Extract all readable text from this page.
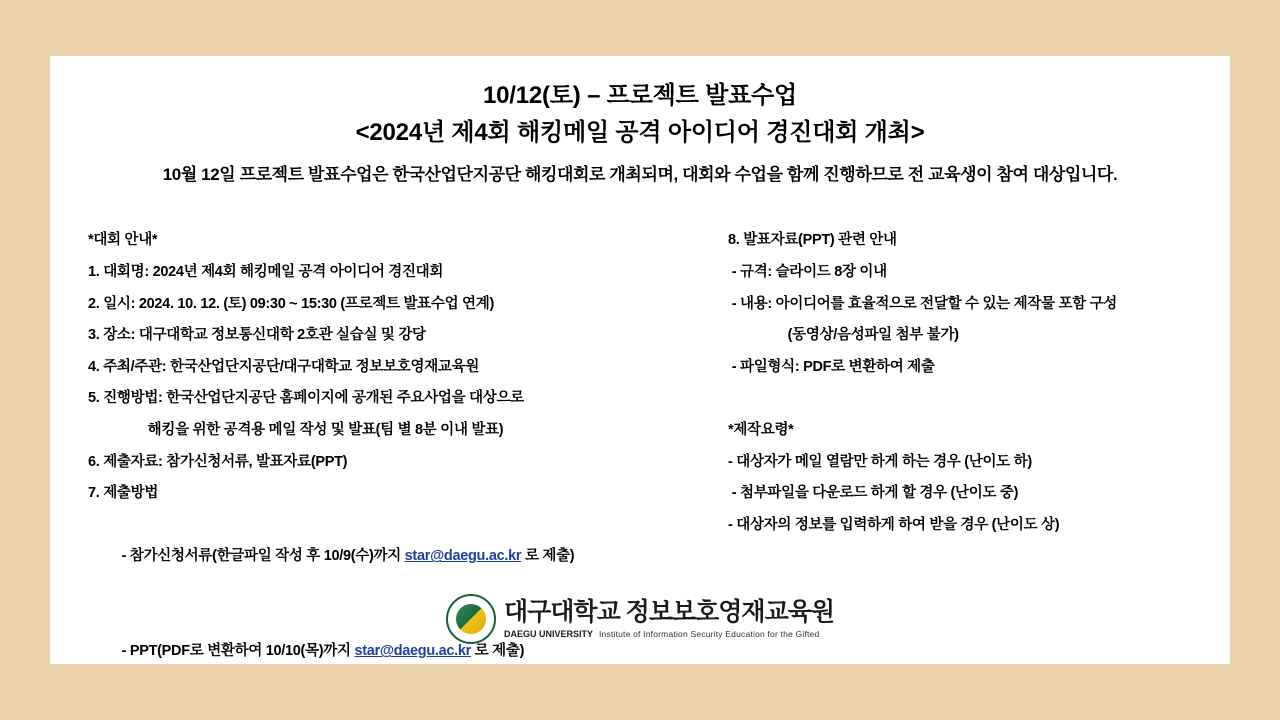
10/12(토) – 프로젝트 발표수업
<2024년 제4회 해킹메일 공격 아이디어 경진대회 개최>
10월 12일 프로젝트 발표수업은 한국산업단지공단 해킹대회로 개최되며, 대회와 수업을 함께 진행하므로 전 교육생이 참여 대상입니다.
*대회 안내*
1. 대회명: 2024년 제4회 해킹메일 공격 아이디어 경진대회
2. 일시: 2024. 10. 12. (토) 09:30 ~ 15:30 (프로젝트 발표수업 연계)
3. 장소: 대구대학교 정보통신대학 2호관 실습실 및 강당
4. 주최/주관: 한국산업단지공단/대구대학교 정보보호영재교육원
5. 진행방법: 한국산업단지공단 홈페이지에 공개된 주요사업을 대상으로
해킹을 위한 공격용 메일 작성 및 발표(팀 별 8분 이내 발표)
6. 제출자료: 참가신청서류, 발표자료(PPT)
7. 제출방법

- 참가신청서류(한글파일 작성 후 10/9(수)까지 star@daegu.ac.kr 로 제출)

- PPT(PDF로 변환하여 10/10(목)까지 star@daegu.ac.kr 로 제출)

8. 발표자료(PPT) 관련 안내
- 규격: 슬라이드 8장 이내
- 내용: 아이디어를 효율적으로 전달할 수 있는 제작물 포함 구성
(동영상/음성파일 첨부 불가)
- 파일형식: PDF로 변환하여 제출

*제작요령*
- 대상자가 메일 열람만 하게 하는 경우 (난이도 하)
- 첨부파일을 다운로드 하게 할 경우 (난이도 중)
- 대상자의 정보를 입력하게 하여 받을 경우 (난이도 상)
대구대학교 정보보호영재교육원
DAEGU UNIVERSITY Institute of Information Security Education for the Gifted
